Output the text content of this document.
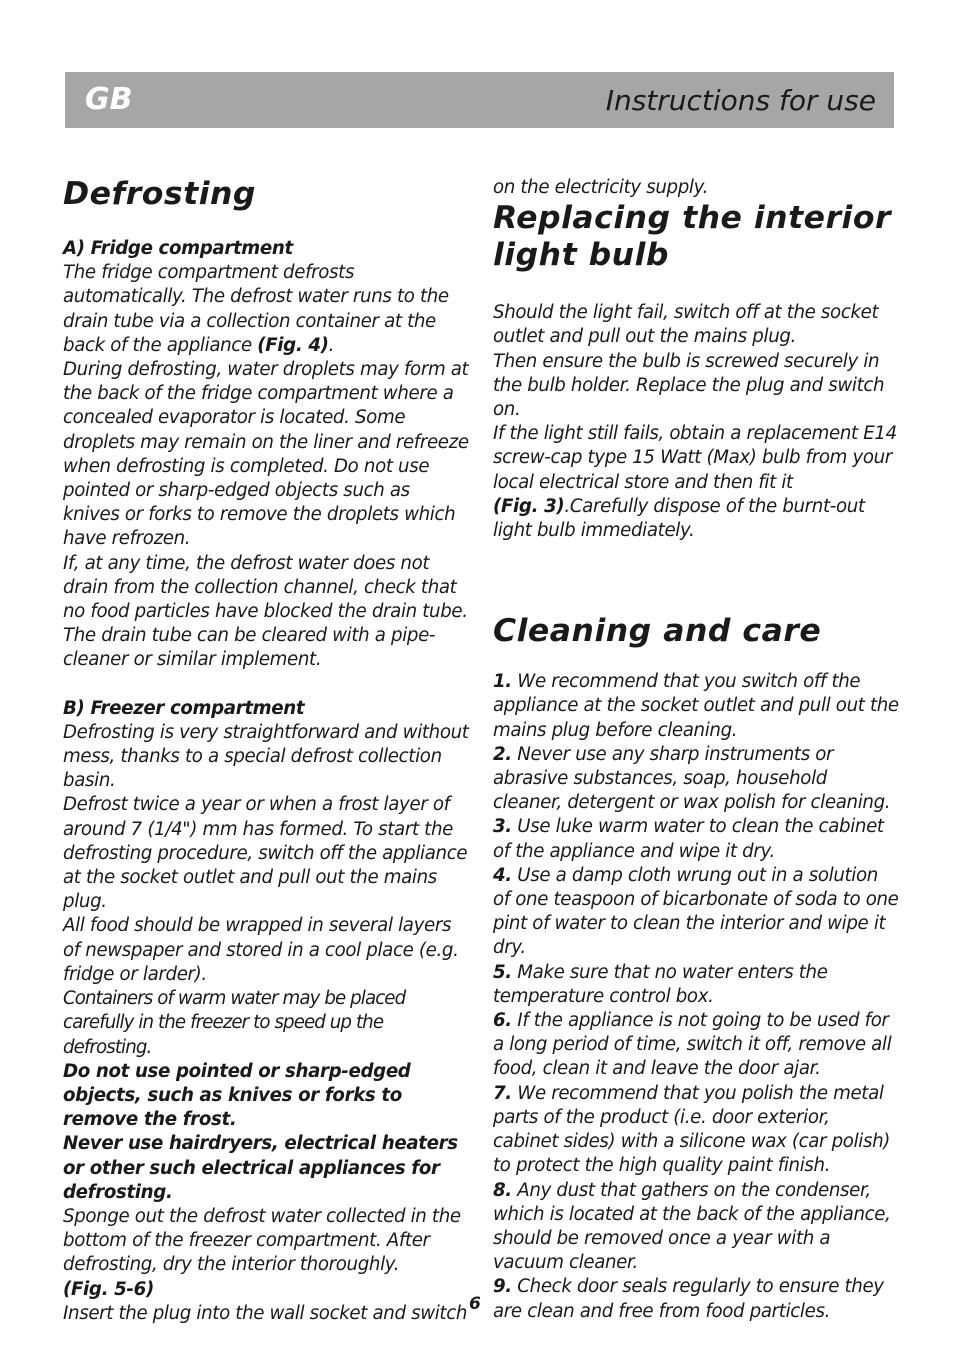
GB	Instructions for use
Defrosting
A) Fridge compartment

The fridge compartment defrosts automatically. The defrost water runs to the drain tube via a collection container at the back of the appliance (Fig. 4).

During defrosting, water droplets may form at the back of the fridge compartment where a concealed evaporator is located. Some droplets may remain on the liner and refreeze when defrosting is completed. Do not use pointed or sharp-edged objects such as knives or forks to remove the droplets which have refrozen.

If, at any time, the defrost water does not drain from the collection channel, check that no food particles have blocked the drain tube. The drain tube can be cleared with a pipe-cleaner or similar implement.

B) Freezer compartment

Defrosting is very straightforward and without mess, thanks to a special defrost collection basin.

Defrost twice a year or when a frost layer of around 7 (1/4") mm has formed. To start the defrosting procedure, switch off the appliance at the socket outlet and pull out the mains plug.

All food should be wrapped in several layers of newspaper and stored in a cool place (e.g. fridge or larder).

Containers of warm water may be placed carefully in the freezer to speed up the defrosting.

Do not use pointed or sharp-edged objects, such as knives or forks to remove the frost.

Never use hairdryers, electrical heaters or other such electrical appliances for defrosting.

Sponge out the defrost water collected in the bottom of the freezer compartment. After defrosting, dry the interior thoroughly.

(Fig. 5-6)

Insert the plug into the wall socket and switch

on the electricity supply.

Replacing the interior light bulb

Should the light fail, switch off at the socket outlet and pull out the mains plug.

Then ensure the bulb is screwed securely in the bulb holder. Replace the plug and switch on.

If the light still fails, obtain a replacement E14 screw-cap type 15 Watt (Max) bulb from your local electrical store and then fit it

(Fig. 3).Carefully dispose of the burnt-out light bulb immediately.

Cleaning and care

1. We recommend that you switch off the appliance at the socket outlet and pull out the mains plug before cleaning.

2. Never use any sharp instruments or abrasive substances, soap, household cleaner, detergent or wax polish for cleaning.

3. Use luke warm water to clean the cabinet of the appliance and wipe it dry.

4. Use a damp cloth wrung out in a solution of one teaspoon of bicarbonate of soda to one pint of water to clean the interior and wipe it dry.

5. Make sure that no water enters the temperature control box.

6. If the appliance is not going to be used for a long period of time, switch it off, remove all food, clean it and leave the door ajar.

7. We recommend that you polish the metal parts of the product (i.e. door exterior, cabinet sides) with a silicone wax (car polish) to protect the high quality paint finish.

8. Any dust that gathers on the condenser, which is located at the back of the appliance, should be removed once a year with a vacuum cleaner.

9. Check door seals regularly to ensure they are clean and free from food particles.

6
